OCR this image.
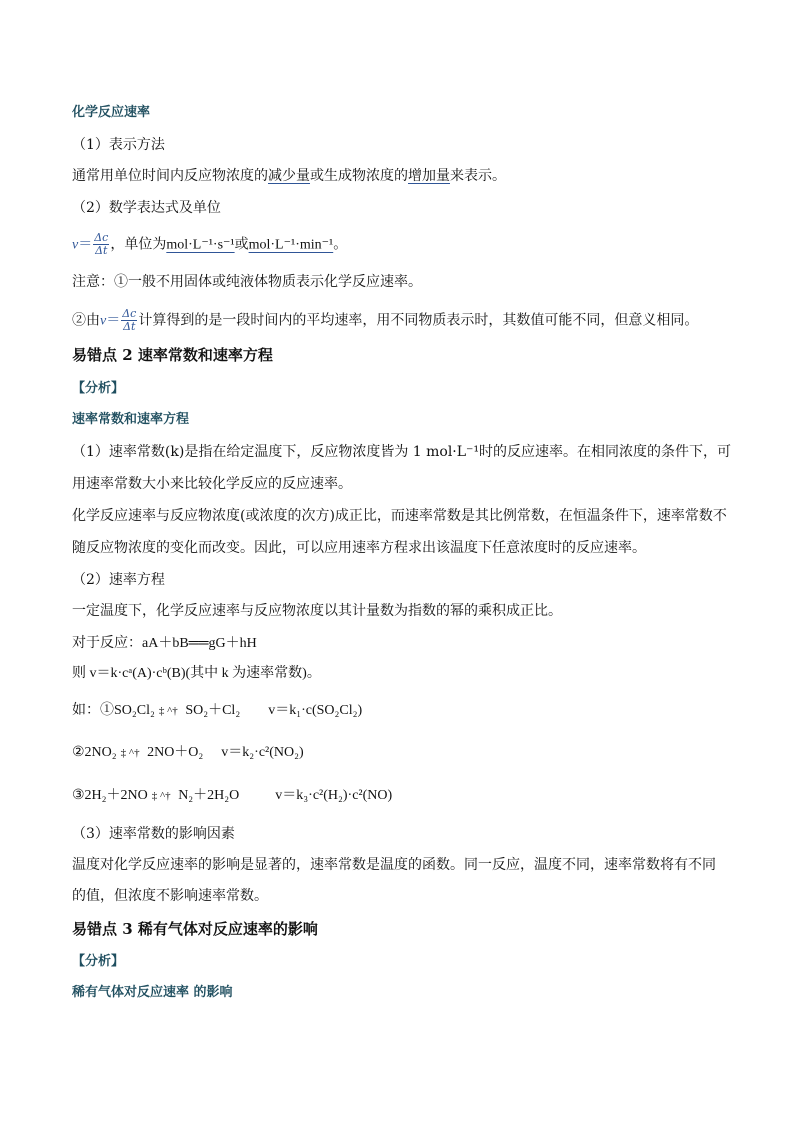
化学反应速率
（1）表示方法
通常用单位时间内反应物浓度的减少量或生成物浓度的增加量来表示。
（2）数学表达式及单位
$v= \frac{\Delta c}{\Delta t}$ ，单位为mol·L⁻¹·s⁻¹或mol·L⁻¹·min⁻¹。
注意：①一般不用固体或纯液体物质表示化学反应速率。
②由$v= \frac{\Delta c}{\Delta t}$ 计算得到的是一段时间内的平均速率，用不同物质表示时，其数值可能不同，但意义相同。
易错点 2 速率常数和速率方程
【分析】
速率常数和速率方程
（1）速率常数(k)是指在给定温度下，反应物浓度皆为 1 mol·L⁻¹时的反应速率。在相同浓度的条件下，可
用速率常数大小来比较化学反应的反应速率。
化学反应速率与反应物浓度(或浓度的次方)成正比，而速率常数是其比例常数，在恒温条件下，速率常数不
随反应物浓度的变化而改变。因此，可以应用速率方程求出该温度下任意浓度时的反应速率。
（2）速率方程
一定温度下，化学反应速率与反应物浓度以其计量数为指数的幂的乘积成正比。
对于反应：aA＋bB══gG＋hH
则 v＝k·cᵃ(A)·cᵇ(B)(其中 k 为速率常数)。
如：①SO₂Cl₂ ‡ ^† SO₂＋Cl₂ v＝k₁·c(SO₂Cl₂)
②2NO₂ ‡ ^† 2NO＋O₂ v＝k₂·c²(NO₂)
③2H₂＋2NO ‡ ^† N₂＋2H₂O	v＝k₃·c²(H₂)·c²(NO)
（3）速率常数的影响因素
温度对化学反应速率的影响是显著的，速率常数是温度的函数。同一反应，温度不同，速率常数将有不同
的值，但浓度不影响速率常数。
易错点 3 稀有气体对反应速率的影响
【分析】
稀有气体对反应速率 的影响
